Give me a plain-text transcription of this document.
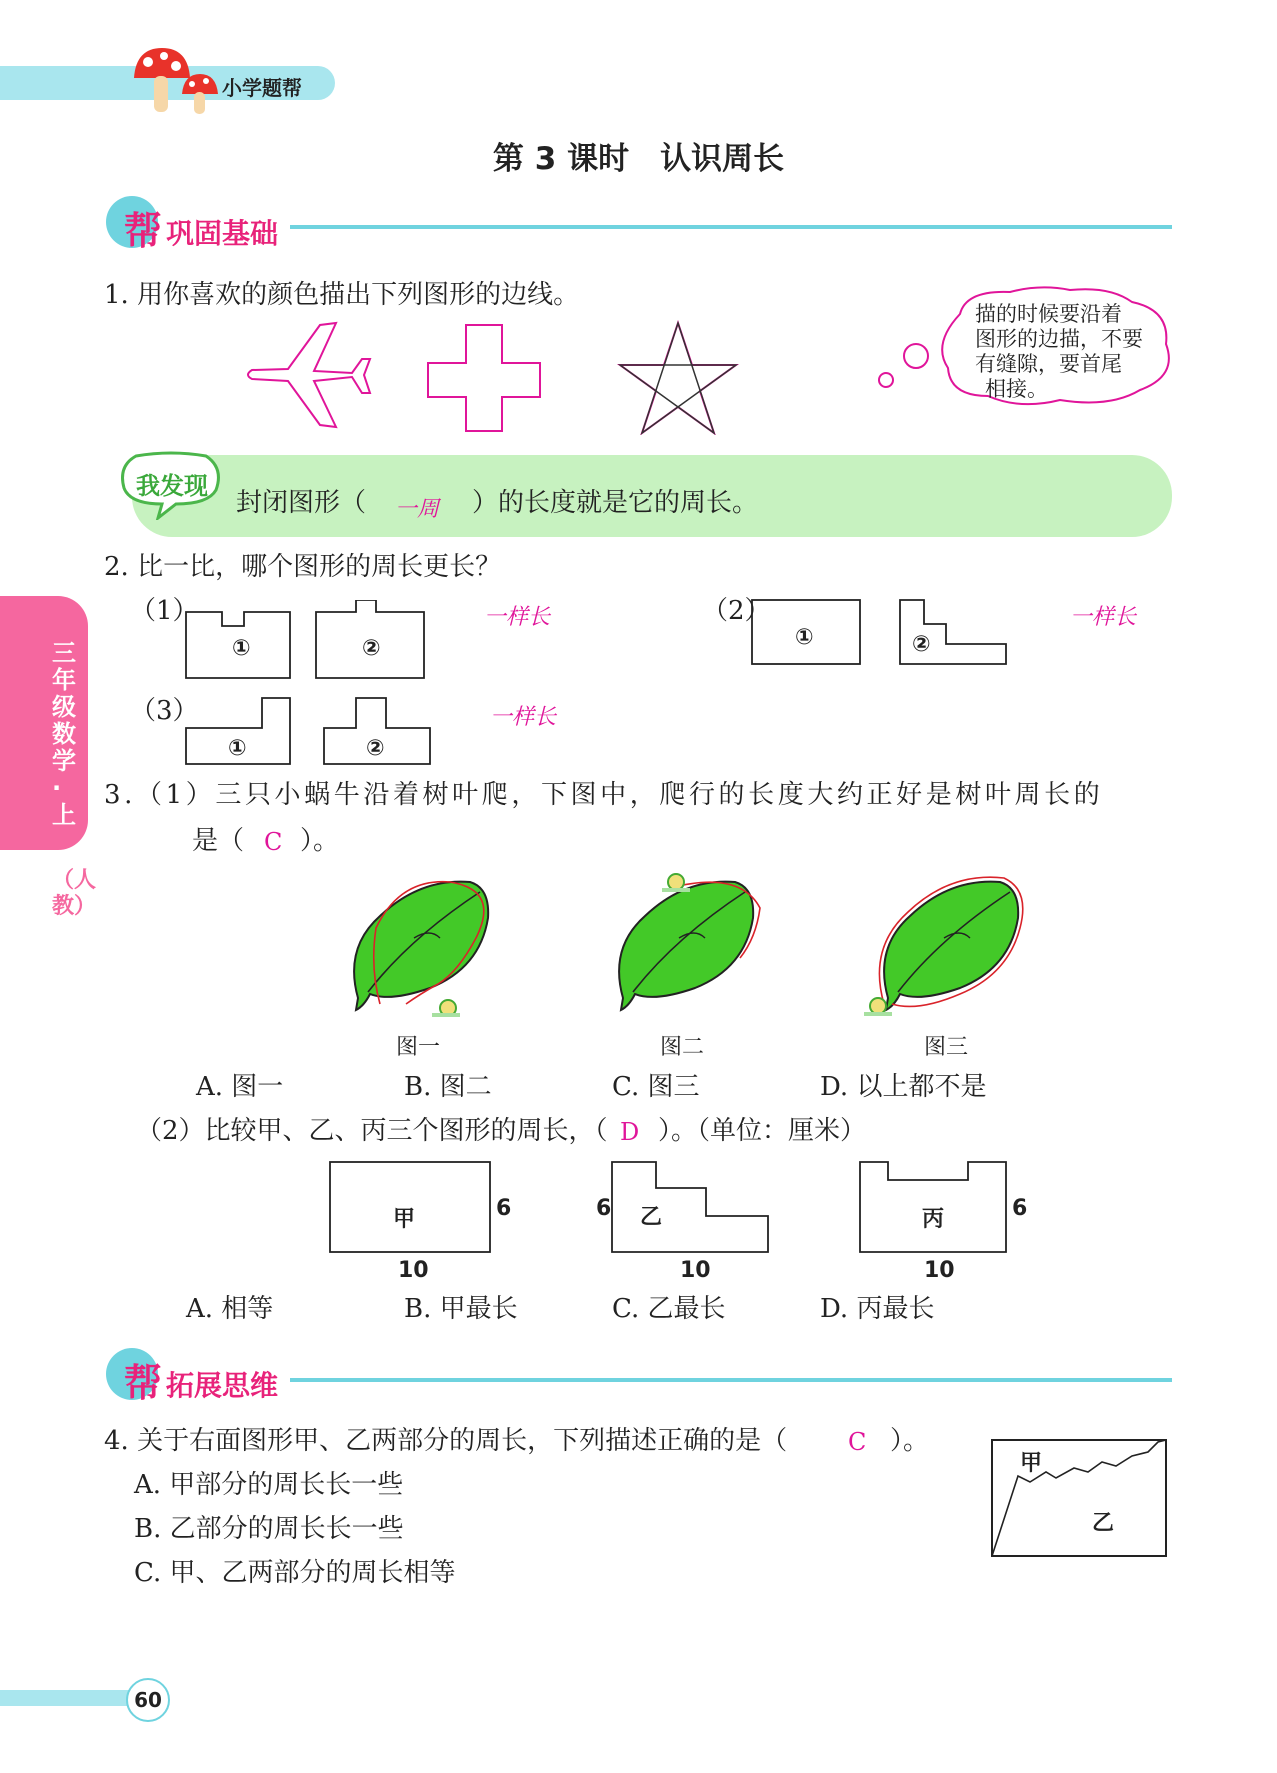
小学题帮
第 3 课时　认识周长
三年级数学·上
（人教）
帮 巩固基础
1. 用你喜欢的颜色描出下列图形的边线。
描的时候要沿着
图形的边描，不要
有缝隙，要首尾
相接。
我发现
封闭图形（ 一周 ）的长度就是它的周长。
2. 比一比，哪个图形的周长更长？
（1）
①	②
一样长	（2）
①	②
一样长
（3）
①	②
一样长
3.（1）三只小蜗牛沿着树叶爬，下图中，爬行的长度大约正好是树叶周长的
是（ C ）。
图一	图二	图三
A. 图一	B. 图二	C. 图三	D. 以上都不是
（2）比较甲、乙、丙三个图形的周长，（ D ）。（单位：厘米）
甲	6
10
乙
6
10
丙	6
10
A. 相等	B. 甲最长	C. 乙最长	D. 丙最长
帮 拓展思维
4. 关于右面图形甲、乙两部分的周长，下列描述正确的是（	C ）。
A. 甲部分的周长长一些
B. 乙部分的周长长一些
C. 甲、乙两部分的周长相等
甲
乙
60
